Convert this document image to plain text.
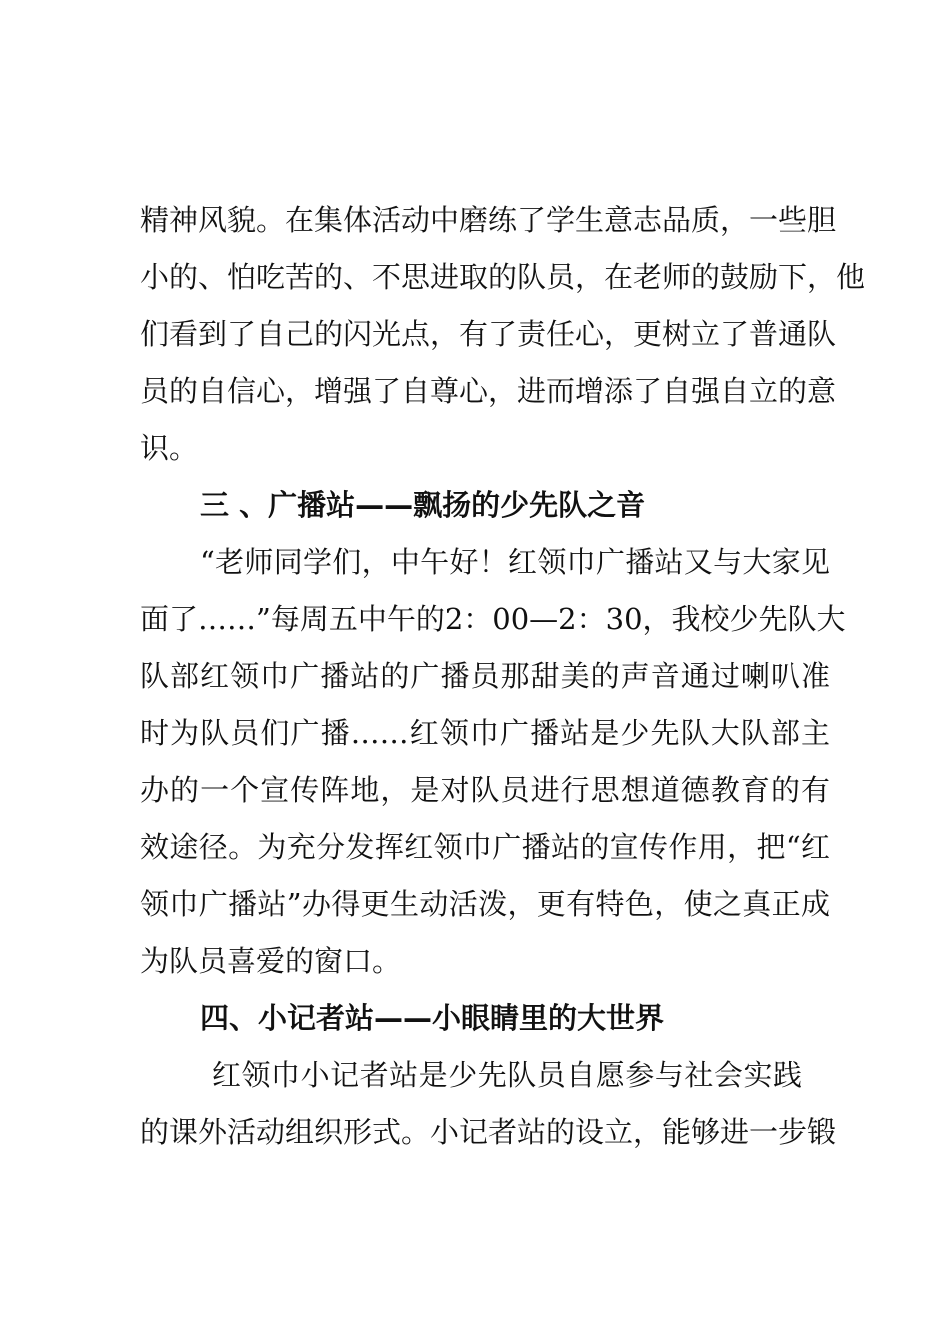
精神风貌。在集体活动中磨练了学生意志品质，一些胆
小的、怕吃苦的、不思进取的队员，在老师的鼓励下，他
们看到了自己的闪光点，有了责任心，更树立了普通队
员的自信心，增强了自尊心，进而增添了自强自立的意
识。
三 、广播站——飘扬的少先队之音
“老师同学们，中午好！红领巾广播站又与大家见
面了……”每周五中午的2：00—2：30，我校少先队大
队部红领巾广播站的广播员那甜美的声音通过喇叭准
时为队员们广播……红领巾广播站是少先队大队部主
办的一个宣传阵地，是对队员进行思想道德教育的有
效途径。为充分发挥红领巾广播站的宣传作用，把“红
领巾广播站”办得更生动活泼，更有特色，使之真正成
为队员喜爱的窗口。
四、小记者站——小眼睛里的大世界
红领巾小记者站是少先队员自愿参与社会实践
的课外活动组织形式。小记者站的设立，能够进一步锻
